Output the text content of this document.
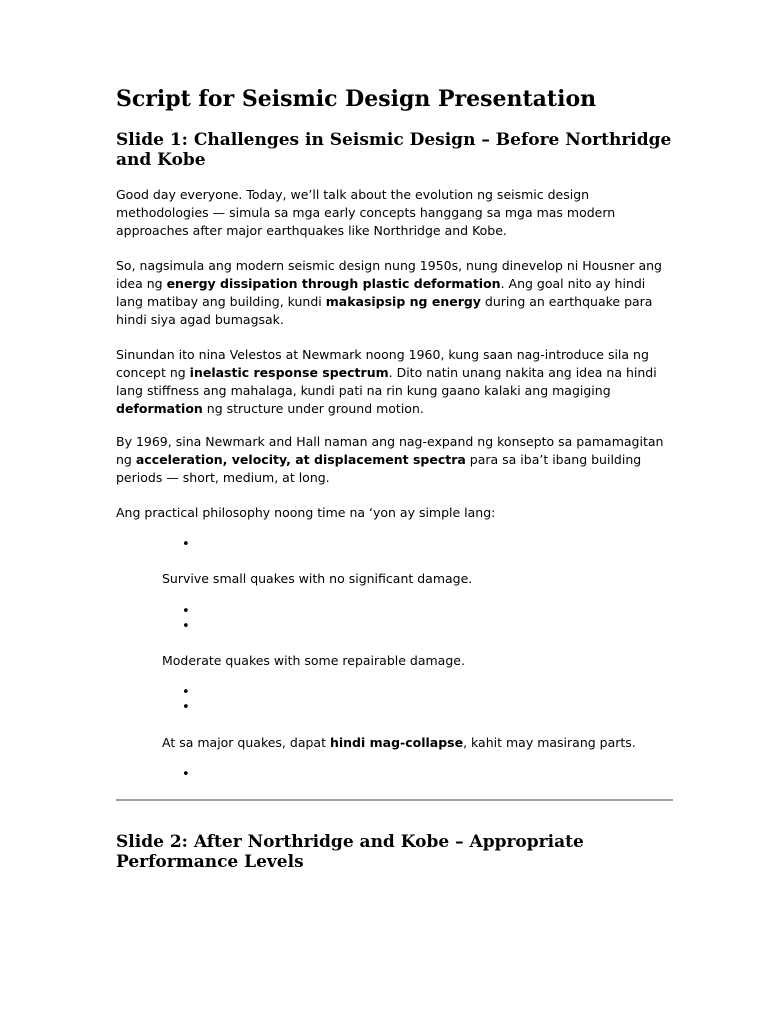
Script for Seismic Design Presentation
Slide 1: Challenges in Seismic Design – Before Northridge and Kobe

Good day everyone. Today, we’ll talk about the evolution ng seismic design methodologies — simula sa mga early concepts hanggang sa mga mas modern approaches after major earthquakes like Northridge and Kobe.

So, nagsimula ang modern seismic design nung 1950s, nung dinevelop ni Housner ang idea ng energy dissipation through plastic deformation. Ang goal nito ay hindi lang matibay ang building, kundi makasipsip ng energy during an earthquake para hindi siya agad bumagsak.

Sinundan ito nina Velestos at Newmark noong 1960, kung saan nag-introduce sila ng concept ng inelastic response spectrum. Dito natin unang nakita ang idea na hindi lang stiffness ang mahalaga, kundi pati na rin kung gaano kalaki ang magiging deformation ng structure under ground motion.

By 1969, sina Newmark and Hall naman ang nag-expand ng konsepto sa pamamagitan ng acceleration, velocity, at displacement spectra para sa iba’t ibang building periods — short, medium, at long.

Ang practical philosophy noong time na ‘yon ay simple lang:

•

Survive small quakes with no significant damage.

•
•

Moderate quakes with some repairable damage.

•
•

At sa major quakes, dapat hindi mag-collapse, kahit may masirang parts.

•
Slide 2: After Northridge and Kobe – Appropriate Performance Levels
